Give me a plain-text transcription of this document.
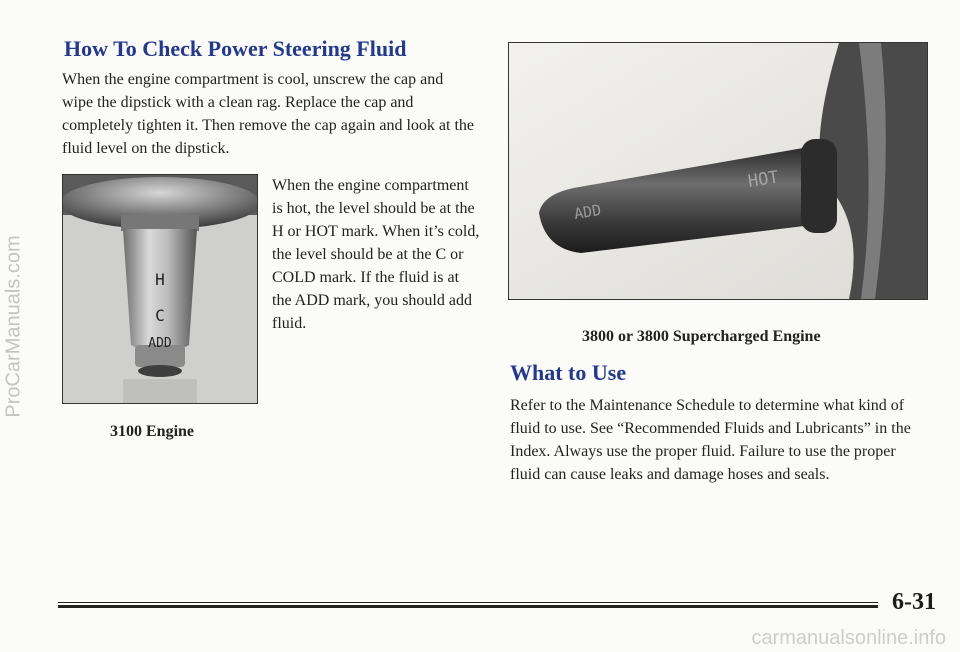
ProCarManuals.com
How To Check Power Steering Fluid

When the engine compartment is cool, unscrew the cap and wipe the dipstick with a clean rag. Replace the cap and completely tighten it. Then remove the cap again and look at the fluid level on the dipstick.

H
C
ADD

When the engine compartment is hot, the level should be at the H or HOT mark. When it’s cold, the level should be at the C or COLD mark. If the fluid is at the ADD mark, you should add fluid.

3100 Engine

ADD
HOT

3800 or 3800 Supercharged Engine

What to Use

Refer to the Maintenance Schedule to determine what kind of fluid to use. See “Recommended Fluids and Lubricants” in the Index. Always use the proper fluid. Failure to use the proper fluid can cause leaks and damage hoses and seals.

6-31

carmanualsonline.info
